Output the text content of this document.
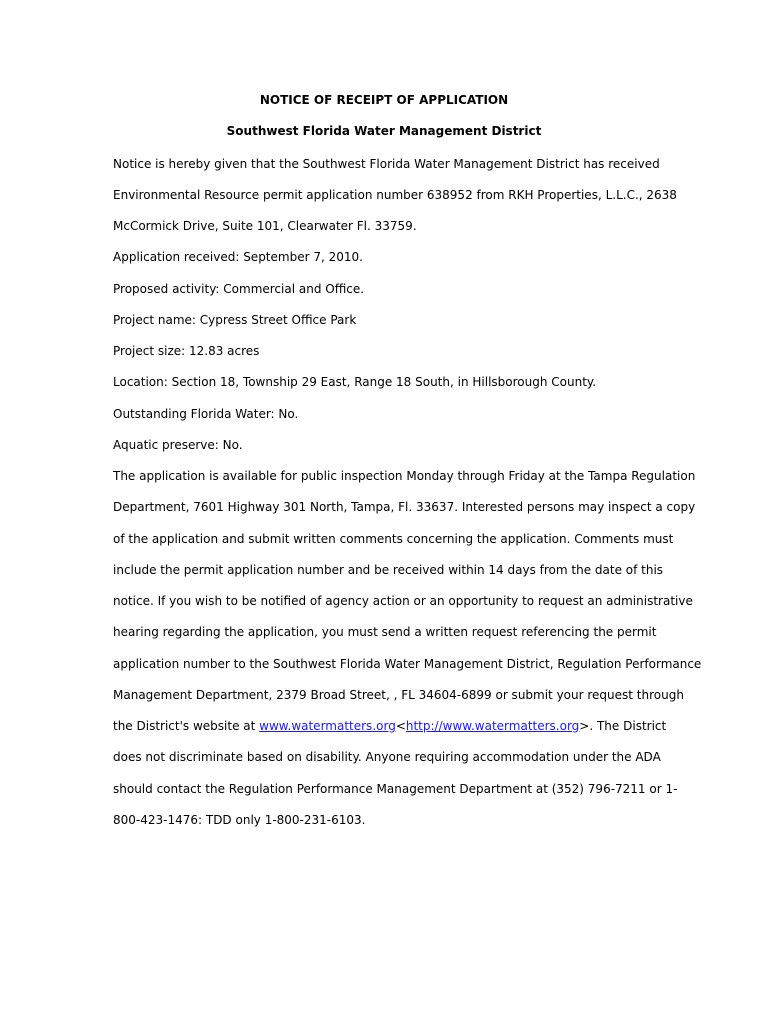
NOTICE OF RECEIPT OF APPLICATION
Southwest Florida Water Management District
Notice is hereby given that the Southwest Florida Water Management District has received
Environmental Resource permit application number 638952 from RKH Properties, L.L.C., 2638
McCormick Drive, Suite 101, Clearwater Fl. 33759.
Application received: September 7, 2010.
Proposed activity: Commercial and Office.
Project name: Cypress Street Office Park
Project size: 12.83 acres
Location: Section 18, Township 29 East, Range 18 South, in Hillsborough County.
Outstanding Florida Water: No.
Aquatic preserve: No.
The application is available for public inspection Monday through Friday at the Tampa Regulation
Department, 7601 Highway 301 North, Tampa, Fl. 33637. Interested persons may inspect a copy
of the application and submit written comments concerning the application. Comments must
include the permit application number and be received within 14 days from the date of this
notice. If you wish to be notified of agency action or an opportunity to request an administrative
hearing regarding the application, you must send a written request referencing the permit
application number to the Southwest Florida Water Management District, Regulation Performance
Management Department, 2379 Broad Street, , FL 34604-6899 or submit your request through
the District's website at www.watermatters.org<http://www.watermatters.org>. The District
does not discriminate based on disability. Anyone requiring accommodation under the ADA
should contact the Regulation Performance Management Department at (352) 796-7211 or 1-
800-423-1476: TDD only 1-800-231-6103.
